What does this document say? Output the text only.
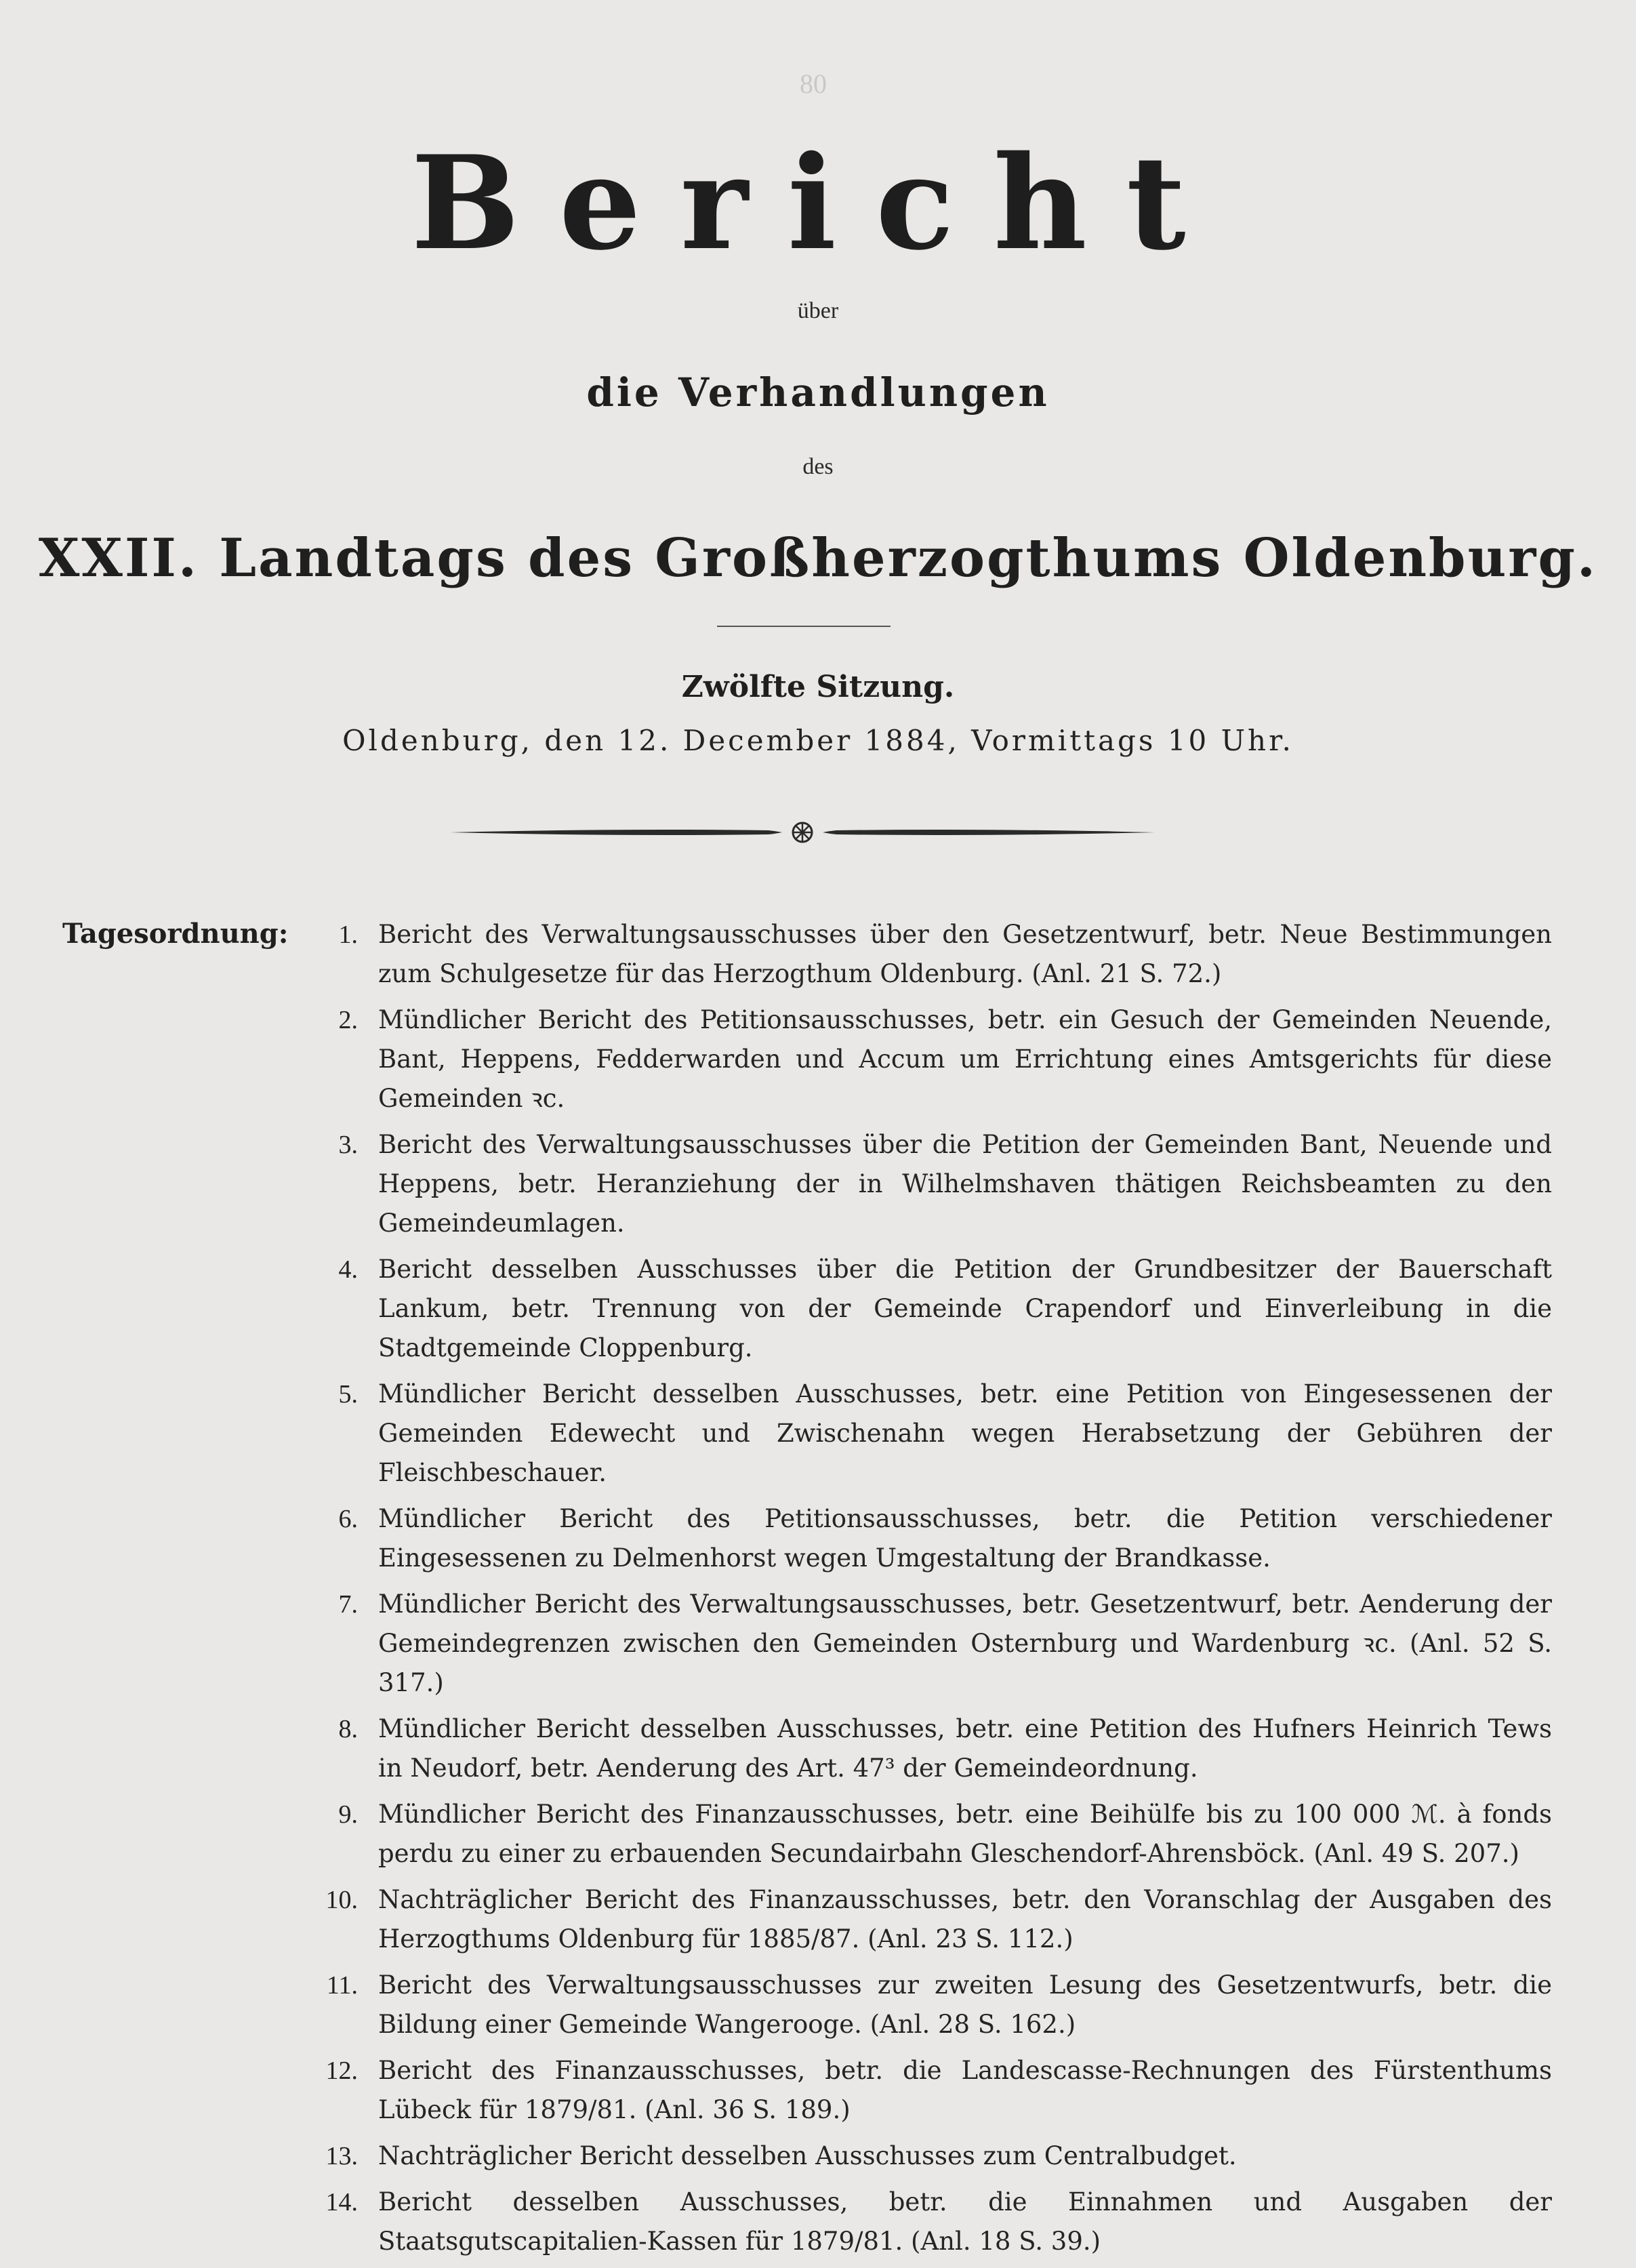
80
Bericht
über
die Verhandlungen
des
XXII. Landtags des Großherzogthums Oldenburg.
Zwölfte Sitzung.
Oldenburg, den 12. December 1884, Vormittags 10 Uhr.
Tagesordnung:	1. Bericht des Verwaltungsausschusses über den Gesetzentwurf, betr. Neue Bestimmungen zum Schulgesetze für das Herzogthum Oldenburg. (Anl. 21 S. 72.)
2. Mündlicher Bericht des Petitionsausschusses, betr. ein Gesuch der Gemeinden Neuende, Bant, Heppens, Fedderwarden und Accum um Errichtung eines Amtsgerichts für diese Gemeinden ꝛc.
3. Bericht des Verwaltungsausschusses über die Petition der Gemeinden Bant, Neuende und Heppens, betr. Heranziehung der in Wilhelmshaven thätigen Reichsbeamten zu den Gemeindeumlagen.
4. Bericht desselben Ausschusses über die Petition der Grundbesitzer der Bauerschaft Lankum, betr. Trennung von der Gemeinde Crapendorf und Einverleibung in die Stadtgemeinde Cloppenburg.
5. Mündlicher Bericht desselben Ausschusses, betr. eine Petition von Eingesessenen der Gemeinden Edewecht und Zwischenahn wegen Herabsetzung der Gebühren der Fleischbeschauer.
6. Mündlicher Bericht des Petitionsausschusses, betr. die Petition verschiedener Eingesessenen zu Delmenhorst wegen Umgestaltung der Brandkasse.
7. Mündlicher Bericht des Verwaltungsausschusses, betr. Gesetzentwurf, betr. Aenderung der Gemeindegrenzen zwischen den Gemeinden Osternburg und Wardenburg ꝛc. (Anl. 52 S. 317.)
8. Mündlicher Bericht desselben Ausschusses, betr. eine Petition des Hufners Heinrich Tews in Neudorf, betr. Aenderung des Art. 47³ der Gemeindeordnung.
9. Mündlicher Bericht des Finanzausschusses, betr. eine Beihülfe bis zu 100 000 ℳ. à fonds perdu zu einer zu erbauenden Secundairbahn Gleschendorf-Ahrensböck. (Anl. 49 S. 207.)
10. Nachträglicher Bericht des Finanzausschusses, betr. den Voranschlag der Ausgaben des Herzogthums Oldenburg für 1885/87. (Anl. 23 S. 112.)
11. Bericht des Verwaltungsausschusses zur zweiten Lesung des Gesetzentwurfs, betr. die Bildung einer Gemeinde Wangerooge. (Anl. 28 S. 162.)
12. Bericht des Finanzausschusses, betr. die Landescasse-Rechnungen des Fürstenthums Lübeck für 1879/81. (Anl. 36 S. 189.)
13. Nachträglicher Bericht desselben Ausschusses zum Centralbudget.
14. Bericht desselben Ausschusses, betr. die Einnahmen und Ausgaben der Staatsgutscapitalien-Kassen für 1879/81. (Anl. 18 S. 39.)
